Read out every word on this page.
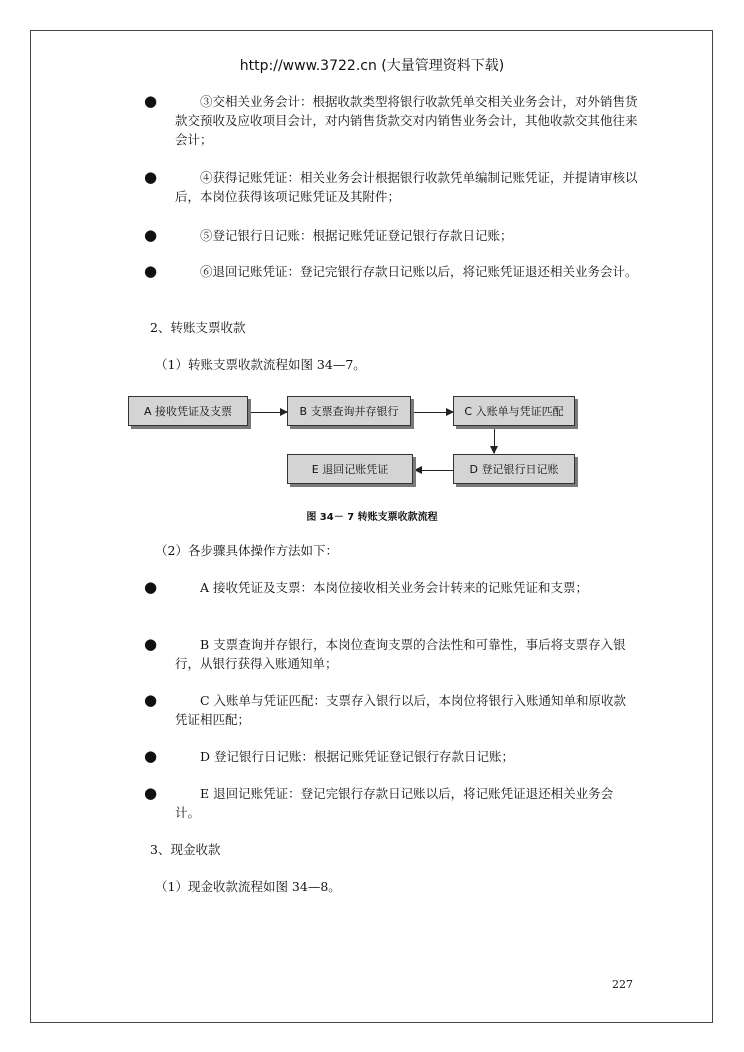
http://www.3722.cn (大量管理资料下载)
●	③交相关业务会计：根据收款类型将银行收款凭单交相关业务会计，对外销售货款交预收及应收项目会计，对内销售货款交对内销售业务会计，其他收款交其他往来会计；
●	④获得记账凭证：相关业务会计根据银行收款凭单编制记账凭证，并提请审核以后，本岗位获得该项记账凭证及其附件；
●	⑤登记银行日记账：根据记账凭证登记银行存款日记账；
●	⑥退回记账凭证：登记完银行存款日记账以后，将记账凭证退还相关业务会计。
2、转账支票收款
（1）转账支票收款流程如图 34—7。
A 接收凭证及支票	B 支票查询并存银行	C 入账单与凭证匹配
D 登记银行日记账
E 退回记账凭证
图 34－ 7 转账支票收款流程
（2）各步骤具体操作方法如下：
●	A 接收凭证及支票：本岗位接收相关业务会计转来的记账凭证和支票；
●	B 支票查询并存银行，本岗位查询支票的合法性和可靠性，事后将支票存入银行，从银行获得入账通知单；
●	C 入账单与凭证匹配：支票存入银行以后，本岗位将银行入账通知单和原收款凭证相匹配；
●	D 登记银行日记账：根据记账凭证登记银行存款日记账；
●	E 退回记账凭证：登记完银行存款日记账以后，将记账凭证退还相关业务会计。
3、现金收款
（1）现金收款流程如图 34—8。
227
